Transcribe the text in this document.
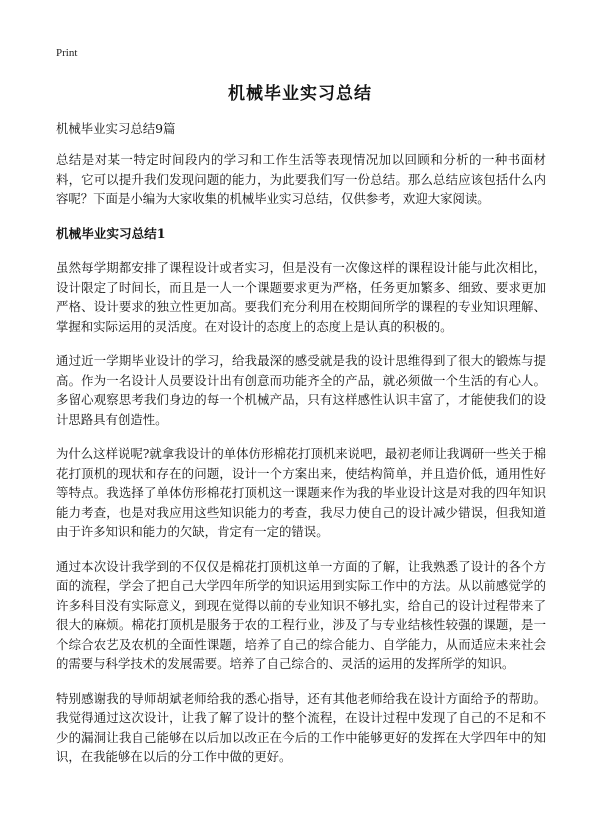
Print
机械毕业实习总结
机械毕业实习总结9篇

总结是对某一特定时间段内的学习和工作生活等表现情况加以回顾和分析的一种书面材料，它可以提升我们发现问题的能力，为此要我们写一份总结。那么总结应该包括什么内容呢？下面是小编为大家收集的机械毕业实习总结，仅供参考，欢迎大家阅读。

机械毕业实习总结1

虽然每学期都安排了课程设计或者实习，但是没有一次像这样的课程设计能与此次相比，设计限定了时间长，而且是一人一个课题要求更为严格，任务更加繁多、细致、要求更加严格、设计要求的独立性更加高。要我们充分利用在校期间所学的课程的专业知识理解、掌握和实际运用的灵活度。在对设计的态度上的态度上是认真的积极的。

通过近一学期毕业设计的学习，给我最深的感受就是我的设计思维得到了很大的锻炼与提高。作为一名设计人员要设计出有创意而功能齐全的产品，就必须做一个生活的有心人。多留心观察思考我们身边的每一个机械产品，只有这样感性认识丰富了，才能使我们的设计思路具有创造性。

为什么这样说呢?就拿我设计的单体仿形棉花打顶机来说吧，最初老师让我调研一些关于棉花打顶机的现状和存在的问题，设计一个方案出来，使结构简单，并且造价低，通用性好等特点。我选择了单体仿形棉花打顶机这一课题来作为我的毕业设计这是对我的四年知识能力考查，也是对我应用这些知识能力的考查，我尽力使自己的设计减少错误，但我知道由于许多知识和能力的欠缺，肯定有一定的错误。

通过本次设计我学到的不仅仅是棉花打顶机这单一方面的了解，让我熟悉了设计的各个方面的流程，学会了把自己大学四年所学的知识运用到实际工作中的方法。从以前感觉学的许多科目没有实际意义，到现在觉得以前的专业知识不够扎实，给自己的设计过程带来了很大的麻烦。棉花打顶机是服务于农的工程行业，涉及了与专业结核性较强的课题，是一个综合农艺及农机的全面性课题，培养了自己的综合能力、自学能力，从而适应未来社会的需要与科学技术的发展需要。培养了自己综合的、灵活的运用的发挥所学的知识。

特别感谢我的导师胡斌老师给我的悉心指导，还有其他老师给我在设计方面给予的帮助。我觉得通过这次设计，让我了解了设计的整个流程，在设计过程中发现了自己的不足和不少的漏洞让我自己能够在以后加以改正在今后的工作中能够更好的发挥在大学四年中的知识，在我能够在以后的分工作中做的更好。
